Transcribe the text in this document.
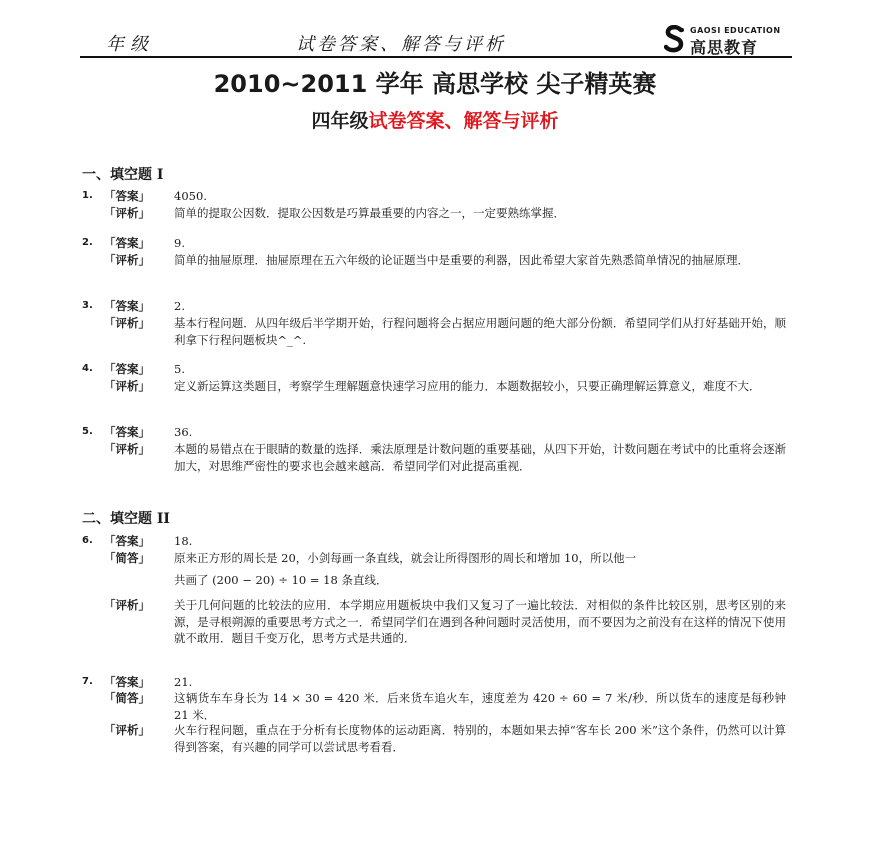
年级	试卷答案、解答与评析
GAOSI EDUCATION
高思教育
2010~2011 学年 高思学校 尖子精英赛
四年级试卷答案、解答与评析
一、填空题 I
1. 「答案」 4050.
「评析」 简单的提取公因数．提取公因数是巧算最重要的内容之一，一定要熟练掌握．
2. 「答案」 9.
「评析」 简单的抽屉原理．抽屉原理在五六年级的论证题当中是重要的利器，因此希望大家首先熟悉简单情况的抽屉原理．
3. 「答案」 2.
「评析」 基本行程问题．从四年级后半学期开始，行程问题将会占据应用题问题的绝大部分份额．希望同学们从打好基础开始，顺利拿下行程问题板块^_^.
4. 「答案」 5.
「评析」 定义新运算这类题目，考察学生理解题意快速学习应用的能力．本题数据较小，只要正确理解运算意义，难度不大．
5. 「答案」 36.
「评析」 本题的易错点在于眼睛的数量的选择．乘法原理是计数问题的重要基础，从四下开始，计数问题在考试中的比重将会逐渐加大，对思维严密性的要求也会越来越高．希望同学们对此提高重视．
二、填空题 II
6. 「答案」 18.
「简答」 原来正方形的周长是 20，小剑每画一条直线，就会让所得图形的周长和增加 10，所以他一
共画了 (200 − 20) ÷ 10 = 18 条直线．
「评析」 关于几何问题的比较法的应用．本学期应用题板块中我们又复习了一遍比较法．对相似的条件比较区别，思考区别的来源，是寻根朔源的重要思考方式之一．希望同学们在遇到各种问题时灵活使用，而不要因为之前没有在这样的情况下使用就不敢用．题目千变万化，思考方式是共通的．
7. 「答案」 21.
「简答」 这辆货车车身长为 14 × 30 = 420 米．后来货车追火车，速度差为 420 ÷ 60 = 7 米/秒．所以货车的速度是每秒钟 21 米．
「评析」 火车行程问题，重点在于分析有长度物体的运动距离．特别的，本题如果去掉“客车长 200 米”这个条件，仍然可以计算得到答案，有兴趣的同学可以尝试思考看看．
